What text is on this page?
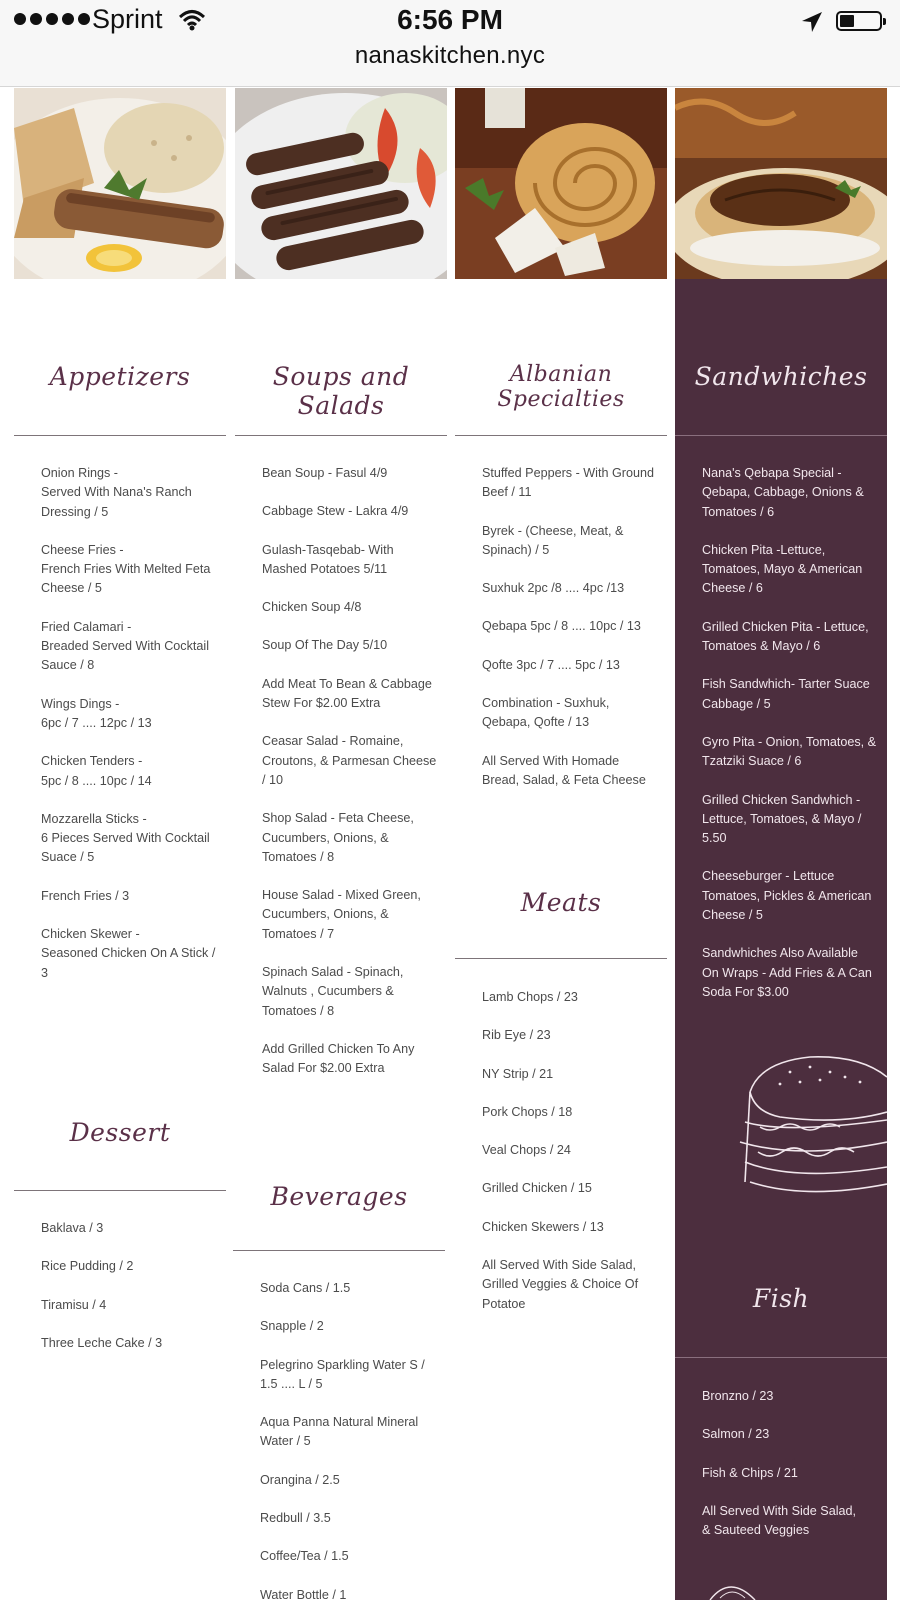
Sprint	6:56 PM
nanaskitchen.nyc
Appetizers
Onion Rings -
Served With Nana's Ranch Dressing / 5
Cheese Fries -
French Fries With Melted Feta Cheese / 5
Fried Calamari -
Breaded Served With Cocktail Sauce / 8
Wings Dings -
6pc / 7 .... 12pc / 13
Chicken Tenders -
5pc / 8 .... 10pc / 14
Mozzarella Sticks -
6 Pieces Served With Cocktail Suace / 5
French Fries / 3
Chicken Skewer -
Seasoned Chicken On A Stick / 3
Dessert
Baklava / 3
Rice Pudding / 2
Tiramisu / 4
Three Leche Cake / 3
Soups and Salads
Bean Soup - Fasul 4/9
Cabbage Stew - Lakra 4/9
Gulash-Tasqebab- With Mashed Potatoes 5/11
Chicken Soup 4/8
Soup Of The Day 5/10
Add Meat To Bean & Cabbage Stew For $2.00 Extra
Ceasar Salad - Romaine, Croutons, & Parmesan Cheese / 10
Shop Salad - Feta Cheese, Cucumbers, Onions, & Tomatoes / 8
House Salad - Mixed Green, Cucumbers, Onions, & Tomatoes / 7
Spinach Salad - Spinach, Walnuts , Cucumbers & Tomatoes / 8
Add Grilled Chicken To Any Salad For $2.00 Extra
Beverages
Soda Cans / 1.5
Snapple / 2
Pelegrino Sparkling Water S / 1.5 .... L / 5
Aqua Panna Natural Mineral Water / 5
Orangina / 2.5
Redbull / 3.5
Coffee/Tea / 1.5
Water Bottle / 1
Albanian Specialties
Stuffed Peppers - With Ground Beef / 11
Byrek - (Cheese, Meat, & Spinach) / 5
Suxhuk 2pc /8 .... 4pc /13
Qebapa 5pc / 8 .... 10pc / 13
Qofte 3pc / 7 .... 5pc / 13
Combination - Suxhuk, Qebapa, Qofte / 13
All Served With Homade Bread, Salad, & Feta Cheese
Meats
Lamb Chops / 23
Rib Eye / 23
NY Strip / 21
Pork Chops / 18
Veal Chops / 24
Grilled Chicken / 15
Chicken Skewers / 13
All Served With Side Salad, Grilled Veggies & Choice Of Potatoe
Sandwhiches
Nana's Qebapa Special - Qebapa, Cabbage, Onions & Tomatoes / 6
Chicken Pita -Lettuce, Tomatoes, Mayo & American Cheese / 6
Grilled Chicken Pita - Lettuce, Tomatoes & Mayo / 6
Fish Sandwhich- Tarter Suace Cabbage / 5
Gyro Pita - Onion, Tomatoes, & Tzatziki Suace / 6
Grilled Chicken Sandwhich - Lettuce, Tomatoes, & Mayo / 5.50
Cheeseburger - Lettuce Tomatoes, Pickles & American Cheese / 5
Sandwhiches Also Available On Wraps - Add Fries & A Can Soda For $3.00
Fish
Bronzno / 23
Salmon / 23
Fish & Chips / 21
All Served With Side Salad,
& Sauteed Veggies
